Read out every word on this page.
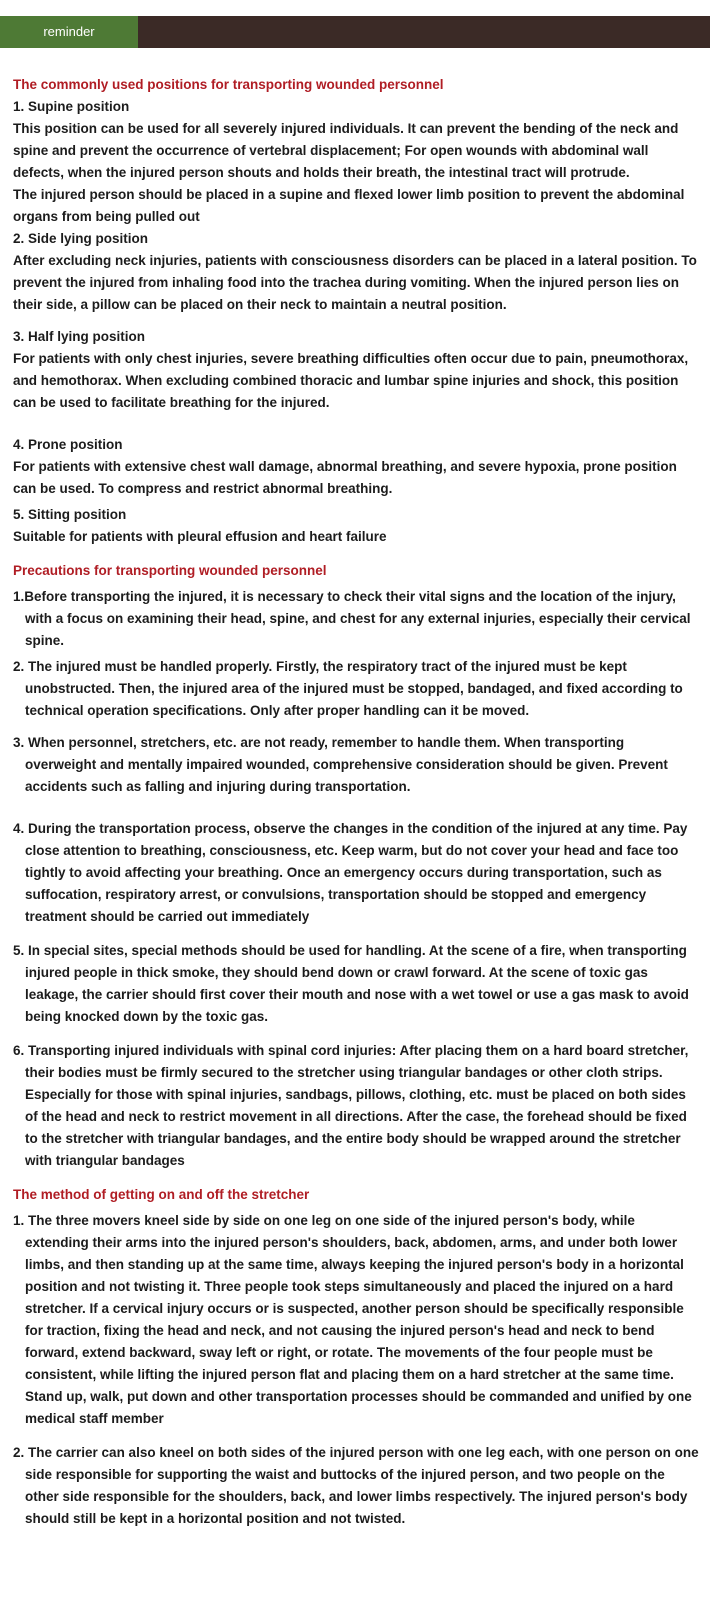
reminder
The commonly used positions for transporting wounded personnel
1. Supine position
This position can be used for all severely injured individuals. It can prevent the bending of the neck and spine and prevent the occurrence of vertebral displacement; For open wounds with abdominal wall defects, when the injured person shouts and holds their breath, the intestinal tract will protrude.
The injured person should be placed in a supine and flexed lower limb position to prevent the abdominal organs from being pulled out
2. Side lying position
After excluding neck injuries, patients with consciousness disorders can be placed in a lateral position. To prevent the injured from inhaling food into the trachea during vomiting. When the injured person lies on their side, a pillow can be placed on their neck to maintain a neutral position.
3. Half lying position
For patients with only chest injuries, severe breathing difficulties often occur due to pain, pneumothorax, and hemothorax. When excluding combined thoracic and lumbar spine injuries and shock, this position can be used to facilitate breathing for the injured.
4. Prone position
For patients with extensive chest wall damage, abnormal breathing, and severe hypoxia, prone position can be used. To compress and restrict abnormal breathing.
5. Sitting position
Suitable for patients with pleural effusion and heart failure
Precautions for transporting wounded personnel
1.Before transporting the injured, it is necessary to check their vital signs and the location of the injury, with a focus on examining their head, spine, and chest for any external injuries, especially their cervical spine.
2. The injured must be handled properly. Firstly, the respiratory tract of the injured must be kept unobstructed. Then, the injured area of the injured must be stopped, bandaged, and fixed according to technical operation specifications. Only after proper handling can it be moved.
3. When personnel, stretchers, etc. are not ready, remember to handle them. When transporting overweight and mentally impaired wounded, comprehensive consideration should be given. Prevent accidents such as falling and injuring during transportation.
4. During the transportation process, observe the changes in the condition of the injured at any time. Pay close attention to breathing, consciousness, etc. Keep warm, but do not cover your head and face too tightly to avoid affecting your breathing. Once an emergency occurs during transportation, such as suffocation, respiratory arrest, or convulsions, transportation should be stopped and emergency treatment should be carried out immediately
5. In special sites, special methods should be used for handling. At the scene of a fire, when transporting injured people in thick smoke, they should bend down or crawl forward. At the scene of toxic gas leakage, the carrier should first cover their mouth and nose with a wet towel or use a gas mask to avoid being knocked down by the toxic gas.
6. Transporting injured individuals with spinal cord injuries: After placing them on a hard board stretcher, their bodies must be firmly secured to the stretcher using triangular bandages or other cloth strips. Especially for those with spinal injuries, sandbags, pillows, clothing, etc. must be placed on both sides of the head and neck to restrict movement in all directions. After the case, the forehead should be fixed to the stretcher with triangular bandages, and the entire body should be wrapped around the stretcher with triangular bandages
The method of getting on and off the stretcher
1. The three movers kneel side by side on one leg on one side of the injured person's body, while extending their arms into the injured person's shoulders, back, abdomen, arms, and under both lower limbs, and then standing up at the same time, always keeping the injured person's body in a horizontal position and not twisting it. Three people took steps simultaneously and placed the injured on a hard stretcher. If a cervical injury occurs or is suspected, another person should be specifically responsible for traction, fixing the head and neck, and not causing the injured person's head and neck to bend forward, extend backward, sway left or right, or rotate. The movements of the four people must be consistent, while lifting the injured person flat and placing them on a hard stretcher at the same time. Stand up, walk, put down and other transportation processes should be commanded and unified by one medical staff member
2. The carrier can also kneel on both sides of the injured person with one leg each, with one person on one side responsible for supporting the waist and buttocks of the injured person, and two people on the other side responsible for the shoulders, back, and lower limbs respectively. The injured person's body should still be kept in a horizontal position and not twisted.
